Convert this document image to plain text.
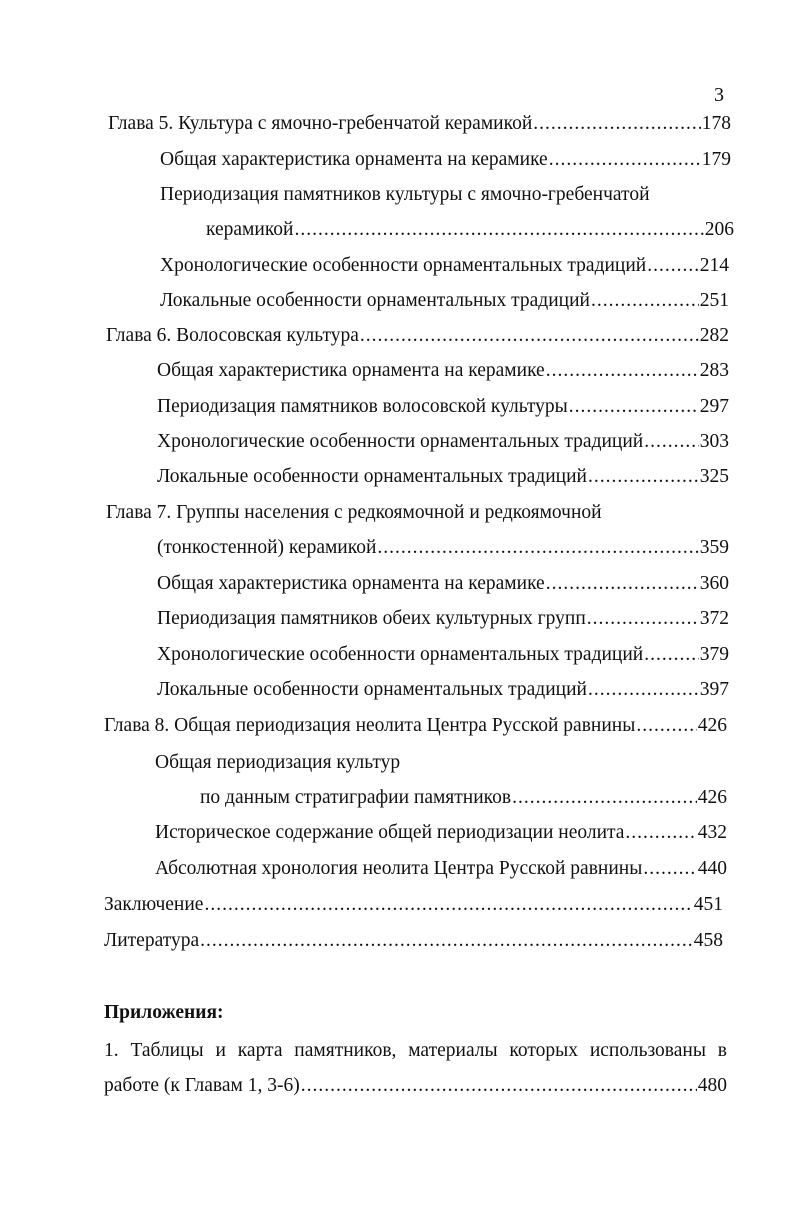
3
Глава 5. Культура с ямочно-гребенчатой керамикой .....	178
Общая характеристика орнамента на керамике .....	179
Периодизация памятников культуры с ямочно-гребенчатой
керамикой .....	206
Хронологические особенности орнаментальных традиций .....	214
Локальные особенности орнаментальных традиций .....	251
Глава 6. Волосовская культура .....	282
Общая характеристика орнамента на керамике .....	283
Периодизация памятников волосовской культуры .....	297
Хронологические особенности орнаментальных традиций .....	303
Локальные особенности орнаментальных традиций .....	325
Глава 7. Группы населения с редкоямочной и редкоямочной
(тонкостенной) керамикой .....	359
Общая характеристика орнамента на керамике .....	360
Периодизация памятников обеих культурных групп .....	372
Хронологические особенности орнаментальных традиций .....	379
Локальные особенности орнаментальных традиций .....	397
Глава 8. Общая периодизация неолита Центра Русской равнины .....	426
Общая периодизация культур
по данным стратиграфии памятников .....	426
Историческое содержание общей периодизации неолита .....	432
Абсолютная хронология неолита Центра Русской равнины .....	440
Заключение .....	451
Литература .....	458
Приложения:
1. Таблицы и карта памятников, материалы которых использованы в
работе (к Главам 1, 3-6) .....	480
